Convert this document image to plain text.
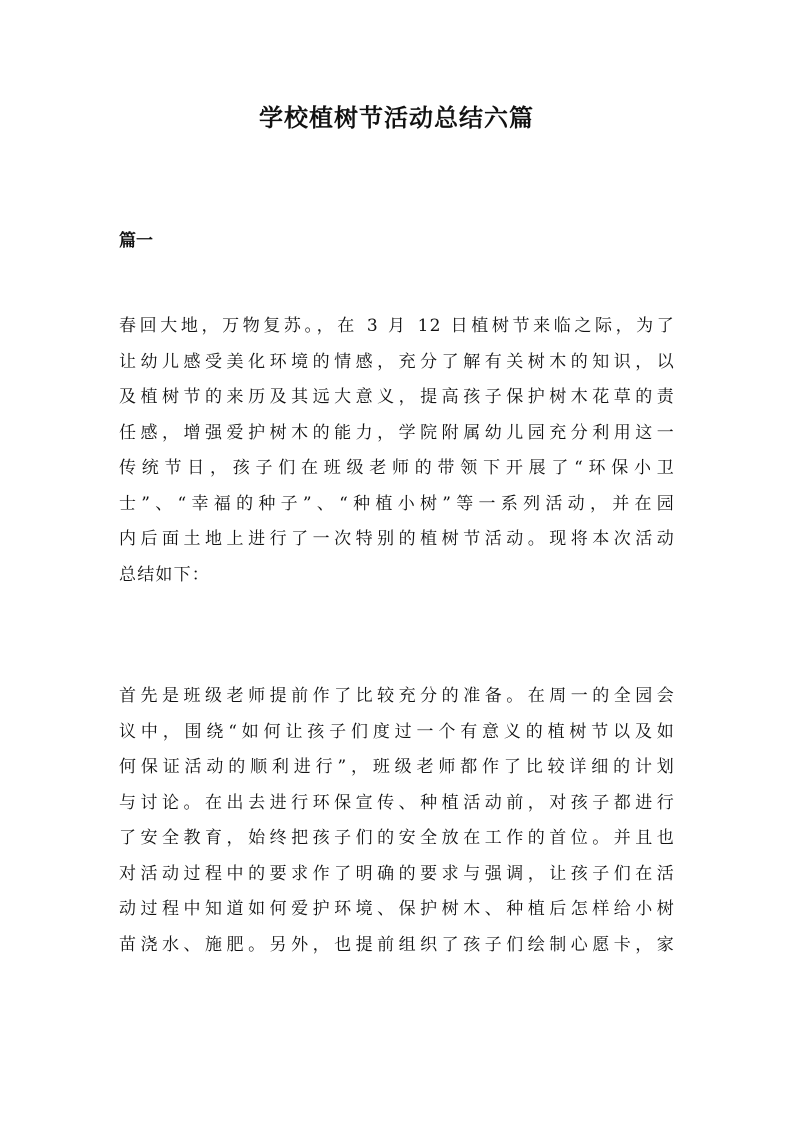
学校植树节活动总结六篇
篇一

春回大地，万物复苏。，在 3 月 12 日植树节来临之际，为了
让幼儿感受美化环境的情感，充分了解有关树木的知识，以
及植树节的来历及其远大意义，提高孩子保护树木花草的责
任感，增强爱护树木的能力，学院附属幼儿园充分利用这一
传统节日，孩子们在班级老师的带领下开展了“环保小卫
士”、“幸福的种子”、“种植小树”等一系列活动，并在园
内后面土地上进行了一次特别的植树节活动。现将本次活动
总结如下：

首先是班级老师提前作了比较充分的准备。在周一的全园会
议中，围绕“如何让孩子们度过一个有意义的植树节以及如
何保证活动的顺利进行”，班级老师都作了比较详细的计划
与讨论。在出去进行环保宣传、种植活动前，对孩子都进行
了安全教育，始终把孩子们的安全放在工作的首位。并且也
对活动过程中的要求作了明确的要求与强调，让孩子们在活
动过程中知道如何爱护环境、保护树木、种植后怎样给小树
苗浇水、施肥。另外，也提前组织了孩子们绘制心愿卡，家
